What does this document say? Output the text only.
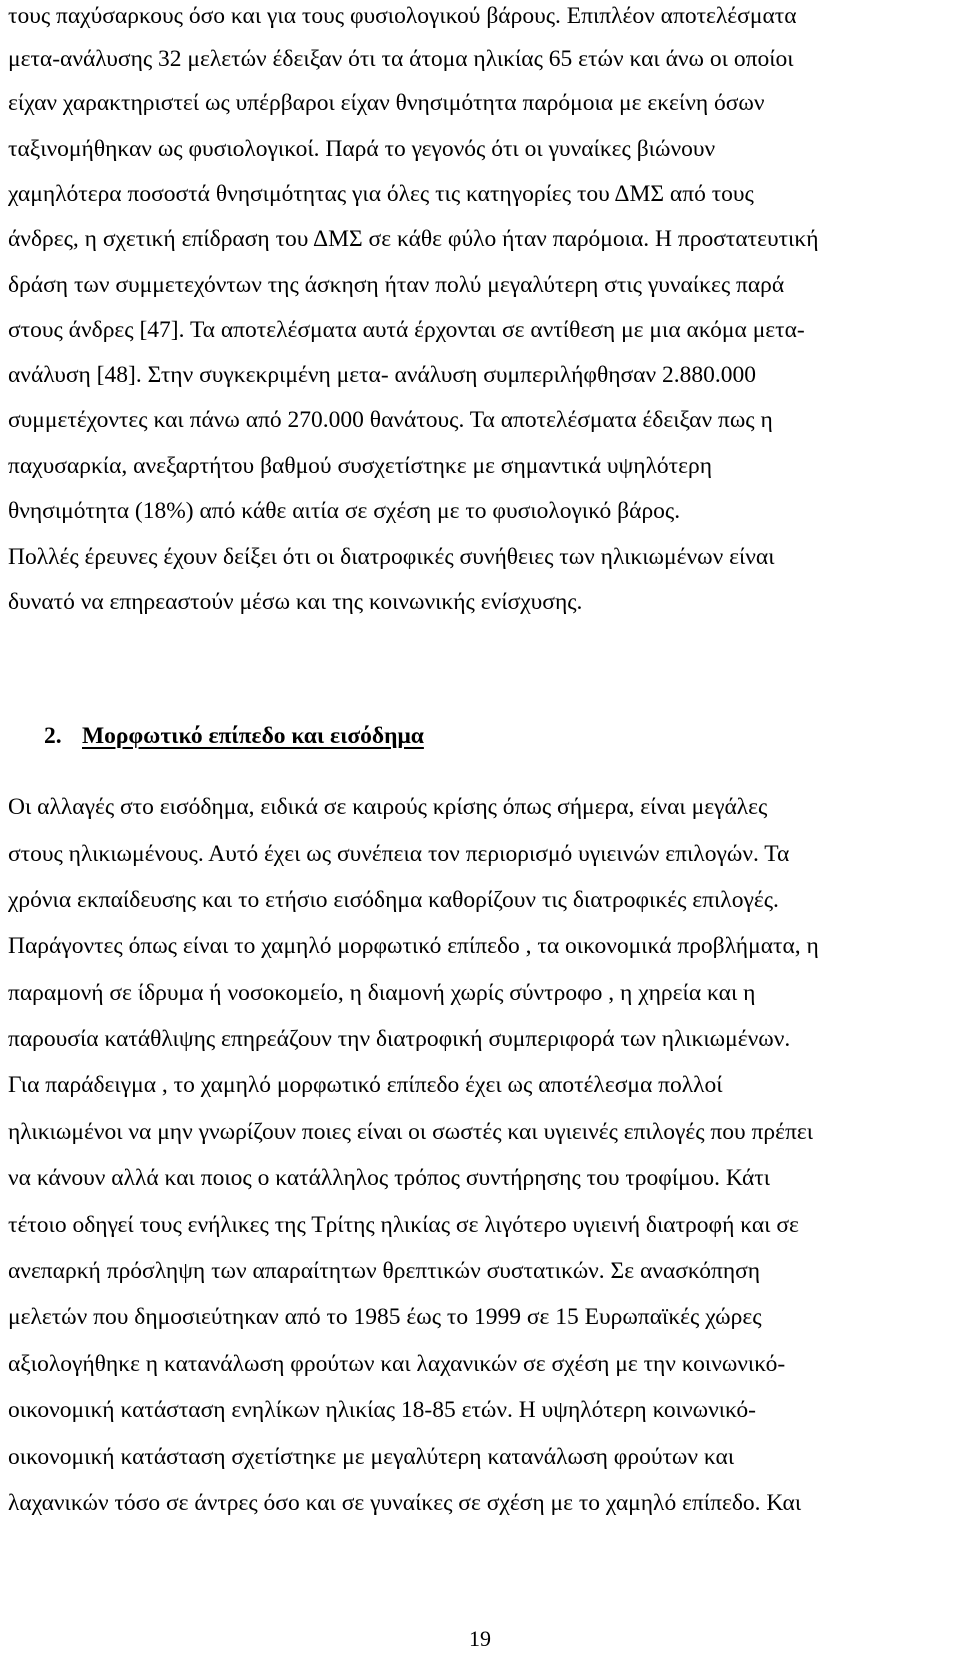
τους παχύσαρκους όσο και για τους φυσιολογικού βάρους. Επιπλέον αποτελέσματα
μετα-ανάλυσης 32 μελετών έδειξαν ότι τα άτομα ηλικίας 65 ετών και άνω οι οποίοι
είχαν χαρακτηριστεί ως υπέρβαροι είχαν θνησιμότητα παρόμοια με εκείνη όσων
ταξινομήθηκαν ως φυσιολογικοί. Παρά το γεγονός ότι οι γυναίκες βιώνουν
χαμηλότερα ποσοστά θνησιμότητας για όλες τις κατηγορίες του ΔΜΣ από τους
άνδρες, η σχετική επίδραση του ΔΜΣ σε κάθε φύλο ήταν παρόμοια. Η προστατευτική
δράση των συμμετεχόντων της άσκηση ήταν πολύ μεγαλύτερη στις γυναίκες παρά
στους άνδρες [47]. Τα αποτελέσματα αυτά έρχονται σε αντίθεση με μια ακόμα μετα-
ανάλυση [48]. Στην συγκεκριμένη μετα- ανάλυση συμπεριλήφθησαν 2.880.000
συμμετέχοντες και πάνω από 270.000 θανάτους. Τα αποτελέσματα έδειξαν πως η
παχυσαρκία, ανεξαρτήτου βαθμού συσχετίστηκε με σημαντικά υψηλότερη
θνησιμότητα (18%) από κάθε αιτία σε σχέση με το φυσιολογικό βάρος.
Πολλές έρευνες έχουν δείξει ότι οι διατροφικές συνήθειες των ηλικιωμένων είναι
δυνατό να επηρεαστούν μέσω και της κοινωνικής ενίσχυσης.
2. Μορφωτικό επίπεδο και εισόδημα
Οι αλλαγές στο εισόδημα, ειδικά σε καιρούς κρίσης όπως σήμερα, είναι μεγάλες
στους ηλικιωμένους. Αυτό έχει ως συνέπεια τον περιορισμό υγιεινών επιλογών. Τα
χρόνια εκπαίδευσης και το ετήσιο εισόδημα καθορίζουν τις διατροφικές επιλογές.
Παράγοντες όπως είναι το χαμηλό μορφωτικό επίπεδο , τα οικονομικά προβλήματα, η
παραμονή σε ίδρυμα ή νοσοκομείο, η διαμονή χωρίς σύντροφο , η χηρεία και η
παρουσία κατάθλιψης επηρεάζουν την διατροφική συμπεριφορά των ηλικιωμένων.
Για παράδειγμα , το χαμηλό μορφωτικό επίπεδο έχει ως αποτέλεσμα πολλοί
ηλικιωμένοι να μην γνωρίζουν ποιες είναι οι σωστές και υγιεινές επιλογές που πρέπει
να κάνουν αλλά και ποιος ο κατάλληλος τρόπος συντήρησης του τροφίμου. Κάτι
τέτοιο οδηγεί τους ενήλικες της Τρίτης ηλικίας σε λιγότερο υγιεινή διατροφή και σε
ανεπαρκή πρόσληψη των απαραίτητων θρεπτικών συστατικών. Σε ανασκόπηση
μελετών που δημοσιεύτηκαν από το 1985 έως το 1999 σε 15 Ευρωπαϊκές χώρες
αξιολογήθηκε η κατανάλωση φρούτων και λαχανικών σε σχέση με την κοινωνικό-
οικονομική κατάσταση ενηλίκων ηλικίας 18-85 ετών. Η υψηλότερη κοινωνικό-
οικονομική κατάσταση σχετίστηκε με μεγαλύτερη κατανάλωση φρούτων και
λαχανικών τόσο σε άντρες όσο και σε γυναίκες σε σχέση με το χαμηλό επίπεδο. Και
19
